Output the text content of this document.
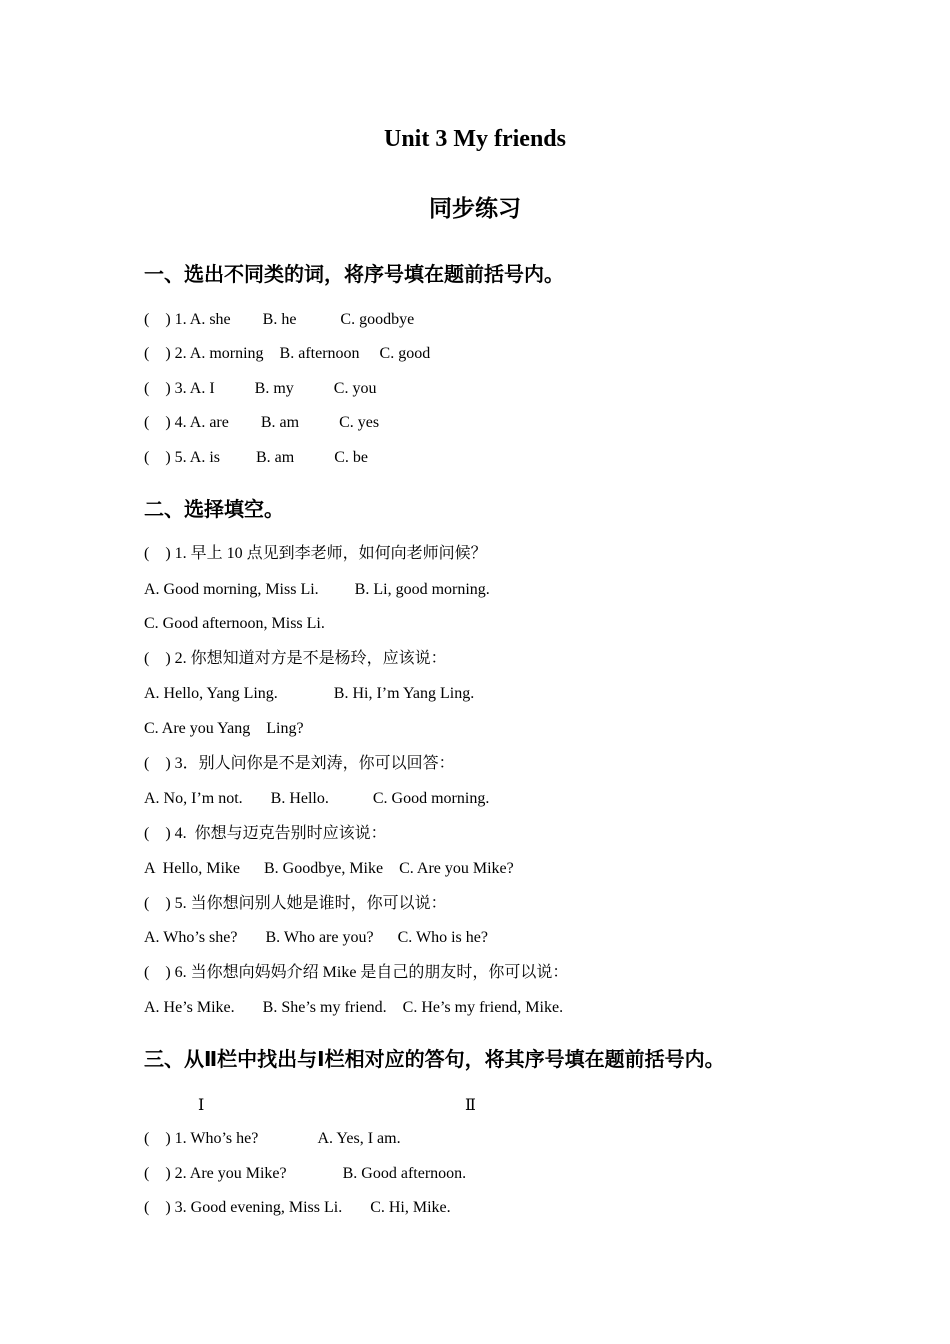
Unit 3 My friends
同步练习
一、选出不同类的词，将序号填在题前括号内。
(    ) 1. A. she        B. he           C. goodbye
(    ) 2. A. morning    B. afternoon     C. good
(    ) 3. A. I          B. my          C. you
(    ) 4. A. are        B. am          C. yes
(    ) 5. A. is         B. am          C. be
二、选择填空。
(    ) 1. 早上 10 点见到李老师，如何向老师问候？
A. Good morning, Miss Li.         B. Li, good morning.
C. Good afternoon, Miss Li.
(    ) 2. 你想知道对方是不是杨玲，应该说：
A. Hello, Yang Ling.              B. Hi, I’m Yang Ling.
C. Are you Yang    Ling?
(    ) 3．别人问你是不是刘涛，你可以回答：
A. No, I’m not.       B. Hello.           C. Good morning.
(    ) 4.  你想与迈克告别时应该说：
A  Hello, Mike      B. Goodbye, Mike    C. Are you Mike?
(    ) 5. 当你想问别人她是谁时，你可以说：
A. Who’s she?       B. Who are you?      C. Who is he?
(    ) 6. 当你想向妈妈介绍 Mike 是自己的朋友时，你可以说：
A. He’s Mike.       B. She’s my friend.    C. He’s my friend, Mike.
三、从Ⅱ栏中找出与Ⅰ栏相对应的答句，将其序号填在题前括号内。
Ⅰ	Ⅱ
(    ) 1. Who’s he?               A. Yes, I am.
(    ) 2. Are you Mike?              B. Good afternoon.
(    ) 3. Good evening, Miss Li.       C. Hi, Mike.
